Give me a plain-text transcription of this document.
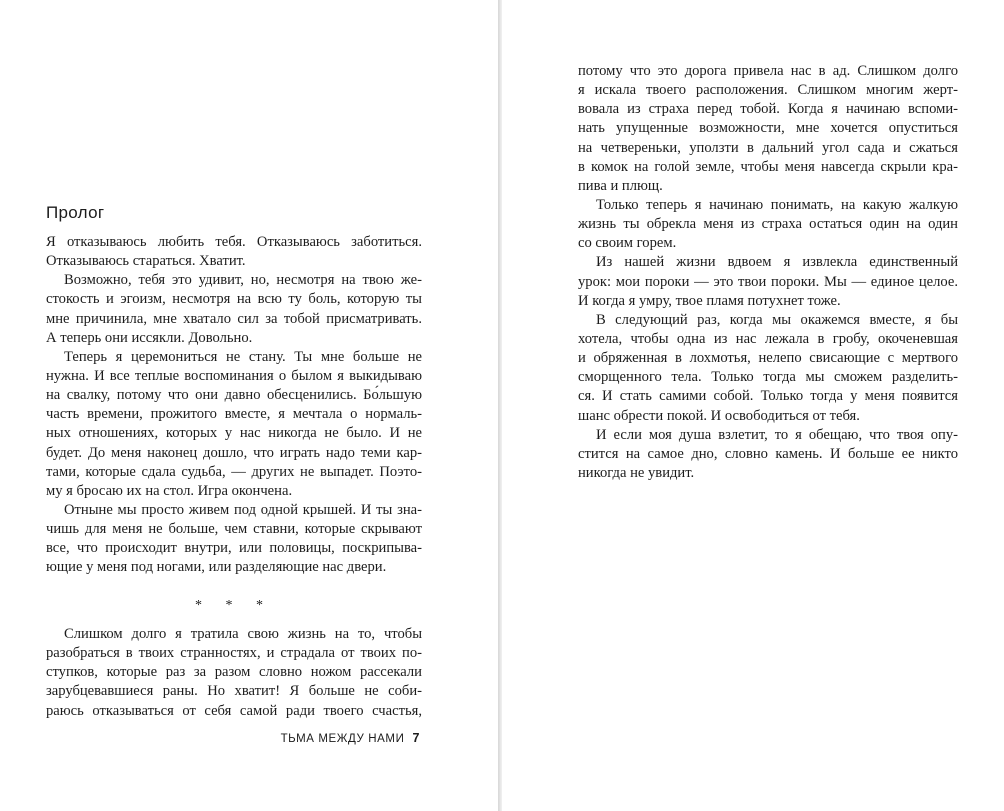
Пролог
Я отказываюсь любить тебя. Отказываюсь заботиться.
Отказываюсь стараться. Хватит.
Возможно, тебя это удивит, но, несмотря на твою же-
стокость и эгоизм, несмотря на всю ту боль, которую ты
мне причинила, мне хватало сил за тобой присматривать.
А теперь они иссякли. Довольно.
Теперь я церемониться не стану. Ты мне больше не
нужна. И все теплые воспоминания о былом я выкидываю
на свалку, потому что они давно обесценились. Бо́льшую
часть времени, прожитого вместе, я мечтала о нормаль-
ных отношениях, которых у нас никогда не было. И не
будет. До меня наконец дошло, что играть надо теми кар-
тами, которые сдала судьба, — других не выпадет. Поэто-
му я бросаю их на стол. Игра окончена.
Отныне мы просто живем под одной крышей. И ты зна-
чишь для меня не больше, чем ставни, которые скрывают
все, что происходит внутри, или половицы, поскрипыва-
ющие у меня под ногами, или разделяющие нас двери.
* * *
Слишком долго я тратила свою жизнь на то, чтобы
разобраться в твоих странностях, и страдала от твоих по-
ступков, которые раз за разом словно ножом рассекали
зарубцевавшиеся раны. Но хватит! Я больше не соби-
раюсь отказываться от себя самой ради твоего счастья,
ТЬМА МЕЖДУ НАМИ 7
потому что это дорога привела нас в ад. Слишком долго
я искала твоего расположения. Слишком многим жерт-
вовала из страха перед тобой. Когда я начинаю вспоми-
нать упущенные возможности, мне хочется опуститься
на четвереньки, уползти в дальний угол сада и сжаться
в комок на голой земле, чтобы меня навсегда скрыли кра-
пива и плющ.
Только теперь я начинаю понимать, на какую жалкую
жизнь ты обрекла меня из страха остаться один на один
со своим горем.
Из нашей жизни вдвоем я извлекла единственный
урок: мои пороки — это твои пороки. Мы — единое целое.
И когда я умру, твое пламя потухнет тоже.
В следующий раз, когда мы окажемся вместе, я бы
хотела, чтобы одна из нас лежала в гробу, окоченевшая
и обряженная в лохмотья, нелепо свисающие с мертвого
сморщенного тела. Только тогда мы сможем разделить-
ся. И стать самими собой. Только тогда у меня появится
шанс обрести покой. И освободиться от тебя.
И если моя душа взлетит, то я обещаю, что твоя опу-
стится на самое дно, словно камень. И больше ее никто
никогда не увидит.
